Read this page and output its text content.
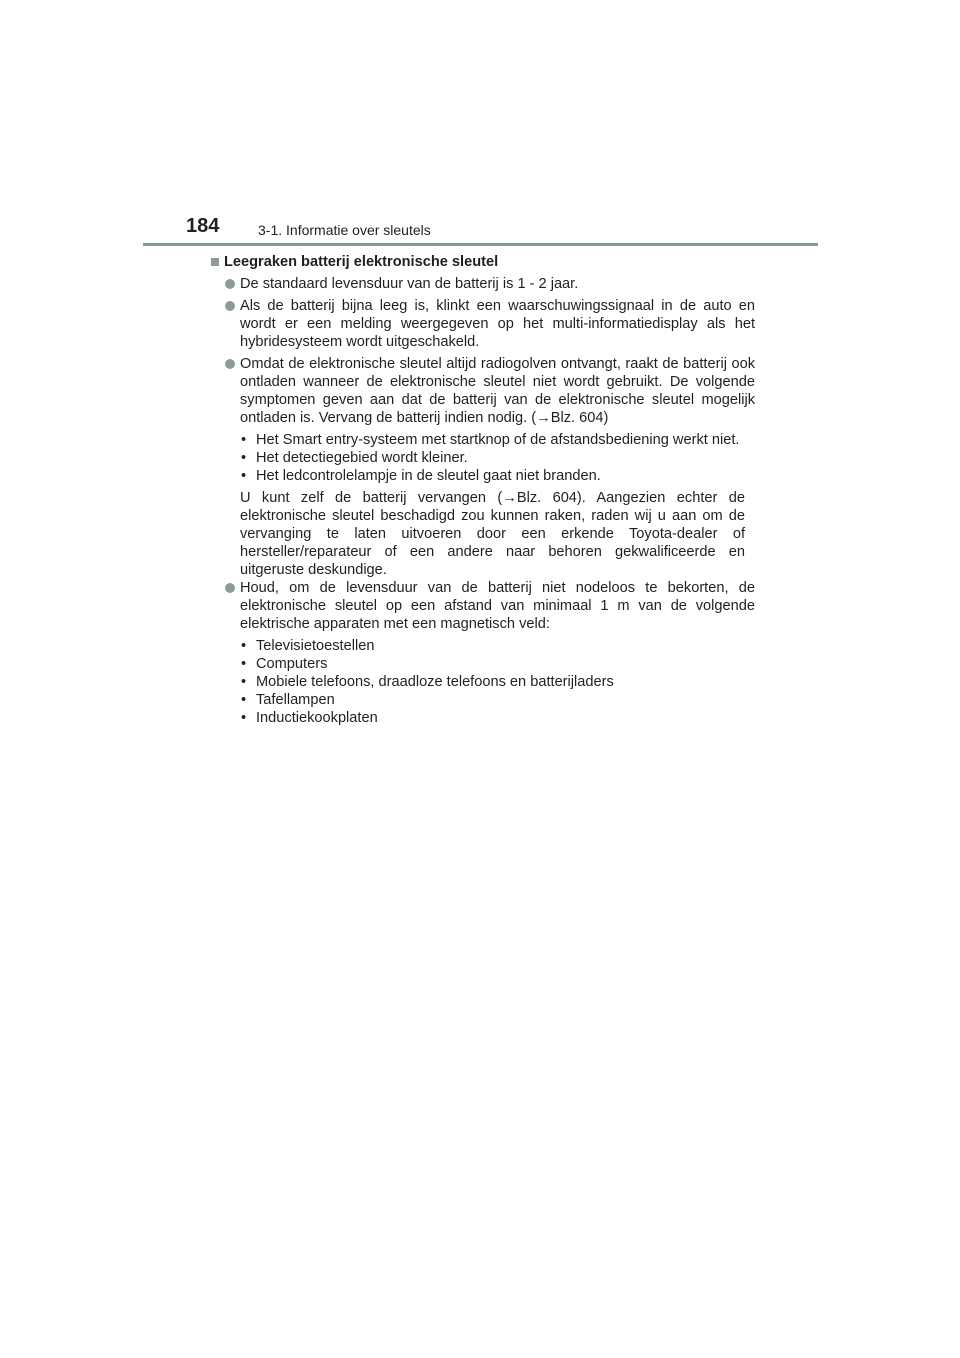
184	3-1. Informatie over sleutels
Leegraken batterij elektronische sleutel

De standaard levensduur van de batterij is 1 - 2 jaar.

Als de batterij bijna leeg is, klinkt een waarschuwingssignaal in de auto en wordt er een melding weergegeven op het multi-informatiedisplay als het hybridesysteem wordt uitgeschakeld.

Omdat de elektronische sleutel altijd radiogolven ontvangt, raakt de batterij ook ontladen wanneer de elektronische sleutel niet wordt gebruikt. De volgende symptomen geven aan dat de batterij van de elektronische sleutel mogelijk ontladen is. Vervang de batterij indien nodig. (→Blz. 604)

• Het Smart entry-systeem met startknop of de afstandsbediening werkt niet.
• Het detectiegebied wordt kleiner.
• Het ledcontrolelampje in de sleutel gaat niet branden.

U kunt zelf de batterij vervangen (→Blz. 604). Aangezien echter de elektronische sleutel beschadigd zou kunnen raken, raden wij u aan om de vervanging te laten uitvoeren door een erkende Toyota-dealer of hersteller/reparateur of een andere naar behoren gekwalificeerde en uitgeruste deskundige.

Houd, om de levensduur van de batterij niet nodeloos te bekorten, de elektronische sleutel op een afstand van minimaal 1 m van de volgende elektrische apparaten met een magnetisch veld:

• Televisietoestellen
• Computers
• Mobiele telefoons, draadloze telefoons en batterijladers
• Tafellampen
• Inductiekookplaten
